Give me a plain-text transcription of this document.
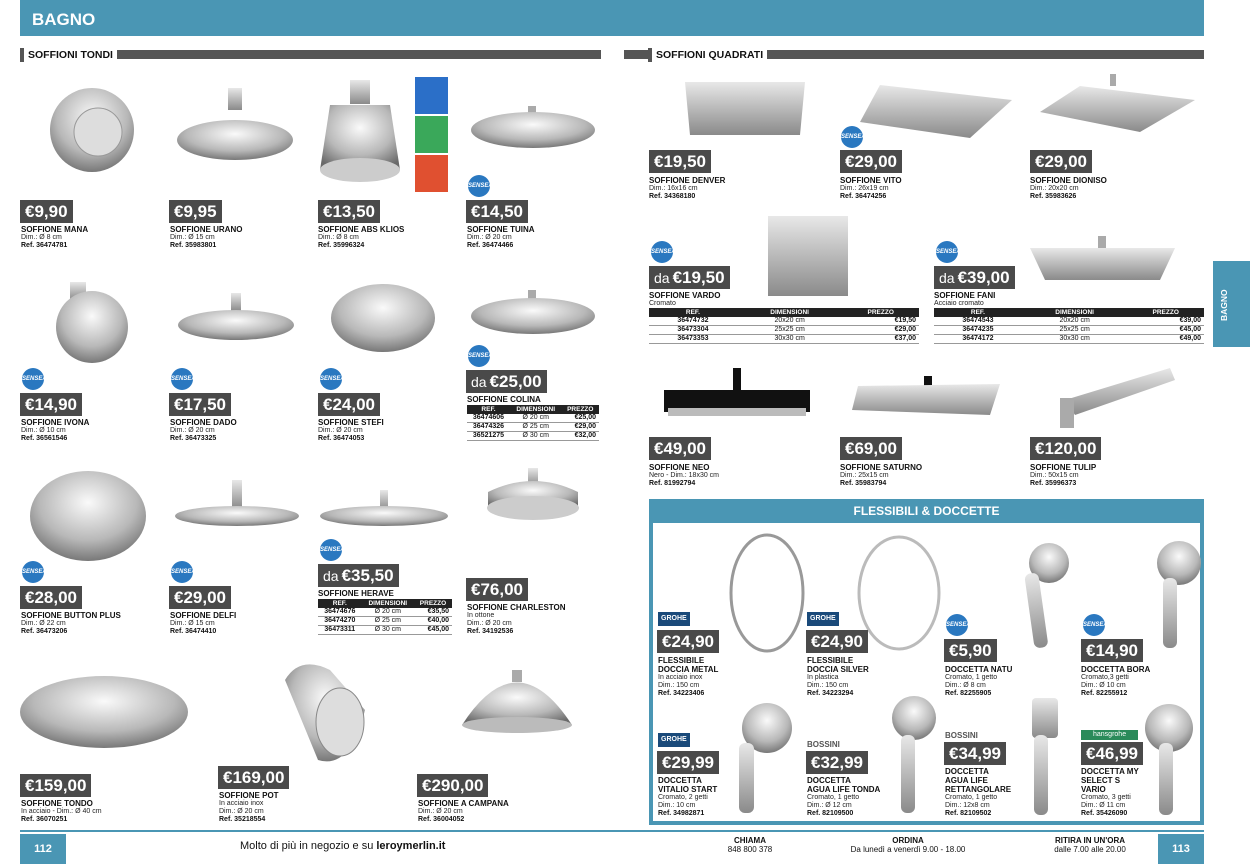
BAGNO
SOFFIONI TONDI	SOFFIONI QUADRATI
BAGNO
€9,90
SOFFIONE MANA
Dim.: Ø 8 cm
Ref. 36474781
€9,95
SOFFIONE URANO
Dim.: Ø 15 cm
Ref. 35983801
€13,50
SOFFIONE ABS KLIOS
Dim.: Ø 8 cm
Ref. 35996324
SENSEA
€14,50
SOFFIONE TUINA
Dim.: Ø 20 cm
Ref. 36474466
SENSEA
€14,90
SOFFIONE IVONA
Dim.: Ø 10 cm
Ref. 36561546
SENSEA
€17,50
SOFFIONE DADO
Dim.: Ø 20 cm
Ref. 36473325
SENSEA
€24,00
SOFFIONE STEFI
Dim.: Ø 20 cm
Ref. 36474053
SENSEA
da €25,00
SOFFIONE COLINA
REF.	DIMENSIONI	PREZZO
36474606	Ø 20 cm	€25,00
36474326	Ø 25 cm	€29,00
36521275	Ø 30 cm	€32,00
SENSEA
€28,00
SOFFIONE BUTTON PLUS
Dim.: Ø 22 cm
Ref. 36473206
SENSEA
€29,00
SOFFIONE DELFI
Dim.: Ø 15 cm
Ref. 36474410
SENSEA
da €35,50
SOFFIONE HERAVE
REF.	DIMENSIONI	PREZZO
36474676	Ø 20 cm	€35,50
36474270	Ø 25 cm	€40,00
36473311	Ø 30 cm	€45,00
€76,00
SOFFIONE CHARLESTON
In ottone
Dim.: Ø 20 cm
Ref. 34192536
€159,00
SOFFIONE TONDO
In acciaio - Dim.: Ø 40 cm
Ref. 36070251
€169,00
SOFFIONE POT
In acciaio inox
Dim.: Ø 20 cm
Ref. 35218554
€290,00
SOFFIONE A CAMPANA
Dim.: Ø 20 cm
Ref. 36004052
€19,50
SOFFIONE DENVER
Dim.: 16x16 cm
Ref. 34368180
SENSEA
€29,00
SOFFIONE VITO
Dim.: 26x19 cm
Ref. 36474256
€29,00
SOFFIONE DIONISO
Dim.: 20x20 cm
Ref. 35983626
SENSEA
da €19,50
SOFFIONE VARDO
Cromato
REF.	DIMENSIONI	PREZZO
36474732	20x20 cm	€19,50
36473304	25x25 cm	€29,00
36473353	30x30 cm	€37,00
SENSEA
da €39,00
SOFFIONE FANI
Acciaio cromato
REF.	DIMENSIONI	PREZZO
36474543	20x20 cm	€39,00
36474235	25x25 cm	€45,00
36474172	30x30 cm	€49,00
€49,00
SOFFIONE NEO
Nero - Dim.: 18x30 cm
Ref. 81992794
€69,00
SOFFIONE SATURNO
Dim.: 25x15 cm
Ref. 35983794
€120,00
SOFFIONE TULIP
Dim.: 50x15 cm
Ref. 35996373
FLESSIBILI & DOCCETTE
GROHE
€24,90
FLESSIBILE
DOCCIA METAL
In acciaio inox
Dim.: 150 cm
Ref. 34223406
GROHE
€24,90
FLESSIBILE
DOCCIA SILVER
In plastica
Dim.: 150 cm
Ref. 34223294
SENSEA
€5,90
DOCCETTA NATU
Cromato, 1 getto
Dim.: Ø 8 cm
Ref. 82255905
SENSEA
€14,90
DOCCETTA BORA
Cromato,3 getti
Dim.: Ø 10 cm
Ref. 82255912
GROHE
€29,99
DOCCETTA
VITALIO START
Cromato, 2 getti
Dim.: 10 cm
Ref. 34982871
BOSSINI
€32,99
DOCCETTA
AGUA LIFE TONDA
Cromato, 1 getto
Dim.: Ø 12 cm
Ref. 82109500
BOSSINI
€34,99
DOCCETTA
AGUA LIFE
RETTANGOLARE
Cromato, 1 getto
Dim.: 12x8 cm
Ref. 82109502
hansgrohe
€46,99
DOCCETTA MY
SELECT S
VARIO
Cromato, 3 getti
Dim.: Ø 11 cm
Ref. 35426090
112	Molto di più in negozio e su leroymerlin.it	CHIAMA
848 800 378
ORDINA
Da lunedì a venerdì 9.00 - 18.00
RITIRA IN UN'ORA
dalle 7.00 alle 20.00	113
